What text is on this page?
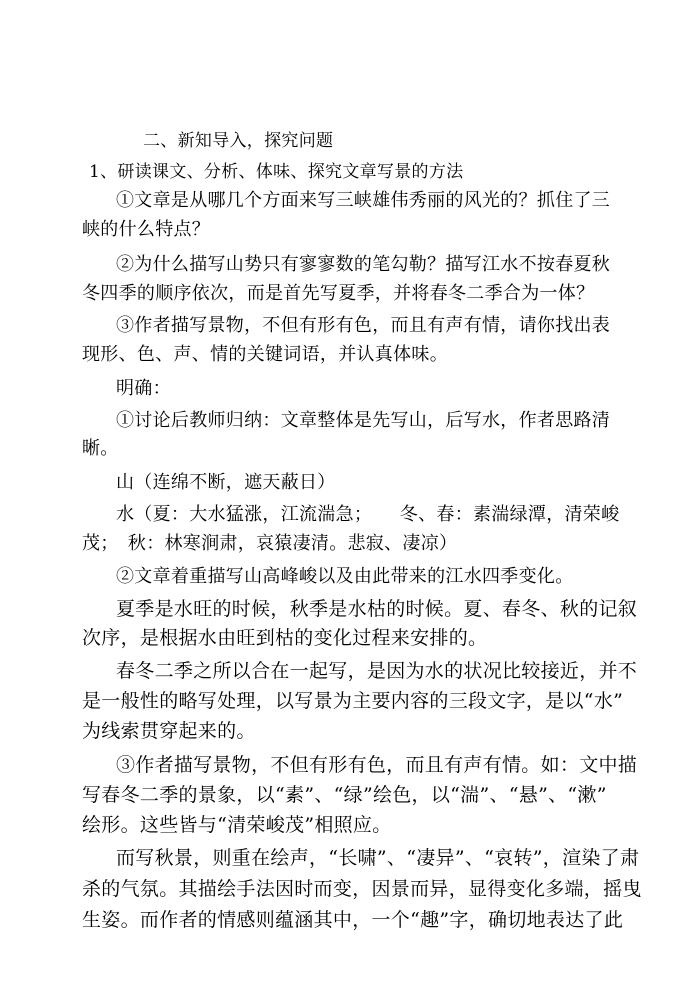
二、新知导入，探究问题
1、研读课文、分析、体味、探究文章写景的方法
①文章是从哪几个方面来写三峡雄伟秀丽的风光的？抓住了三
峡的什么特点？
②为什么描写山势只有寥寥数的笔勾勒？描写江水不按春夏秋
冬四季的顺序依次，而是首先写夏季，并将春冬二季合为一体？
③作者描写景物，不但有形有色，而且有声有情，请你找出表
现形、色、声、情的关键词语，并认真体味。
明确：
①讨论后教师归纳：文章整体是先写山，后写水，作者思路清
晰。
山（连绵不断，遮天蔽日）
水（夏：大水猛涨，江流湍急；　　冬、春：素湍绿潭，清荣峻
茂；　秋：林寒涧肃，哀猿凄清。悲寂、凄凉）
②文章着重描写山高峰峻以及由此带来的江水四季变化。
夏季是水旺的时候，秋季是水枯的时候。夏、春冬、秋的记叙
次序，是根据水由旺到枯的变化过程来安排的。
春冬二季之所以合在一起写，是因为水的状况比较接近，并不
是一般性的略写处理，以写景为主要内容的三段文字，是以“水”
为线索贯穿起来的。
③作者描写景物，不但有形有色，而且有声有情。如：文中描
写春冬二季的景象，以“素”、“绿”绘色，以“湍”、“悬”、“漱”
绘形。这些皆与“清荣峻茂”相照应。
而写秋景，则重在绘声，“长啸”、“凄异”、“哀转”，渲染了肃
杀的气氛。其描绘手法因时而变，因景而异，显得变化多端，摇曳
生姿。而作者的情感则蕴涵其中，一个“趣”字，确切地表达了此
